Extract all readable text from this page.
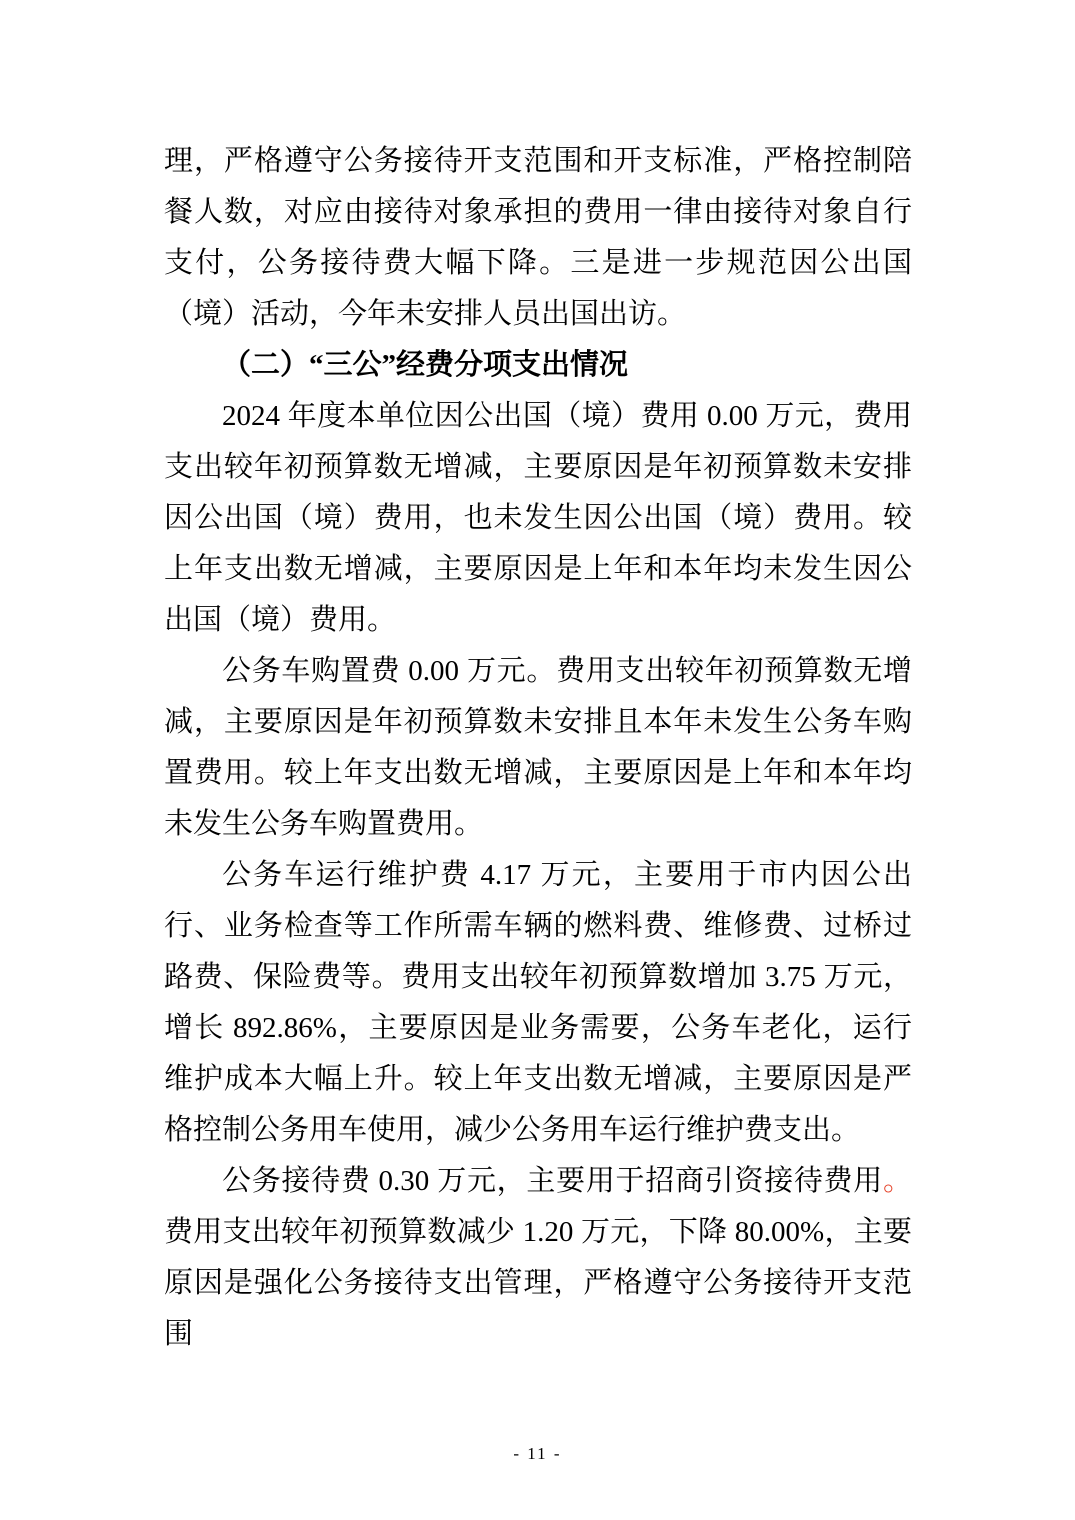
理，严格遵守公务接待开支范围和开支标准，严格控制陪餐人数，对应由接待对象承担的费用一律由接待对象自行支付，公务接待费大幅下降。三是进一步规范因公出国（境）活动，今年未安排人员出国出访。

（二）“三公”经费分项支出情况

2024 年度本单位因公出国（境）费用 0.00 万元，费用支出较年初预算数无增减，主要原因是年初预算数未安排因公出国（境）费用，也未发生因公出国（境）费用。较上年支出数无增减，主要原因是上年和本年均未发生因公出国（境）费用。

公务车购置费 0.00 万元。费用支出较年初预算数无增减，主要原因是年初预算数未安排且本年未发生公务车购置费用。较上年支出数无增减，主要原因是上年和本年均未发生公务车购置费用。

公务车运行维护费 4.17 万元，主要用于市内因公出行、业务检查等工作所需车辆的燃料费、维修费、过桥过路费、保险费等。费用支出较年初预算数增加 3.75 万元，增长 892.86%，主要原因是业务需要，公务车老化，运行维护成本大幅上升。较上年支出数无增减，主要原因是严格控制公务用车使用，减少公务用车运行维护费支出。

公务接待费 0.30 万元，主要用于招商引资接待费用。费用支出较年初预算数减少 1.20 万元，下降 80.00%，主要原因是强化公务接待支出管理，严格遵守公务接待开支范围

- 11 -
